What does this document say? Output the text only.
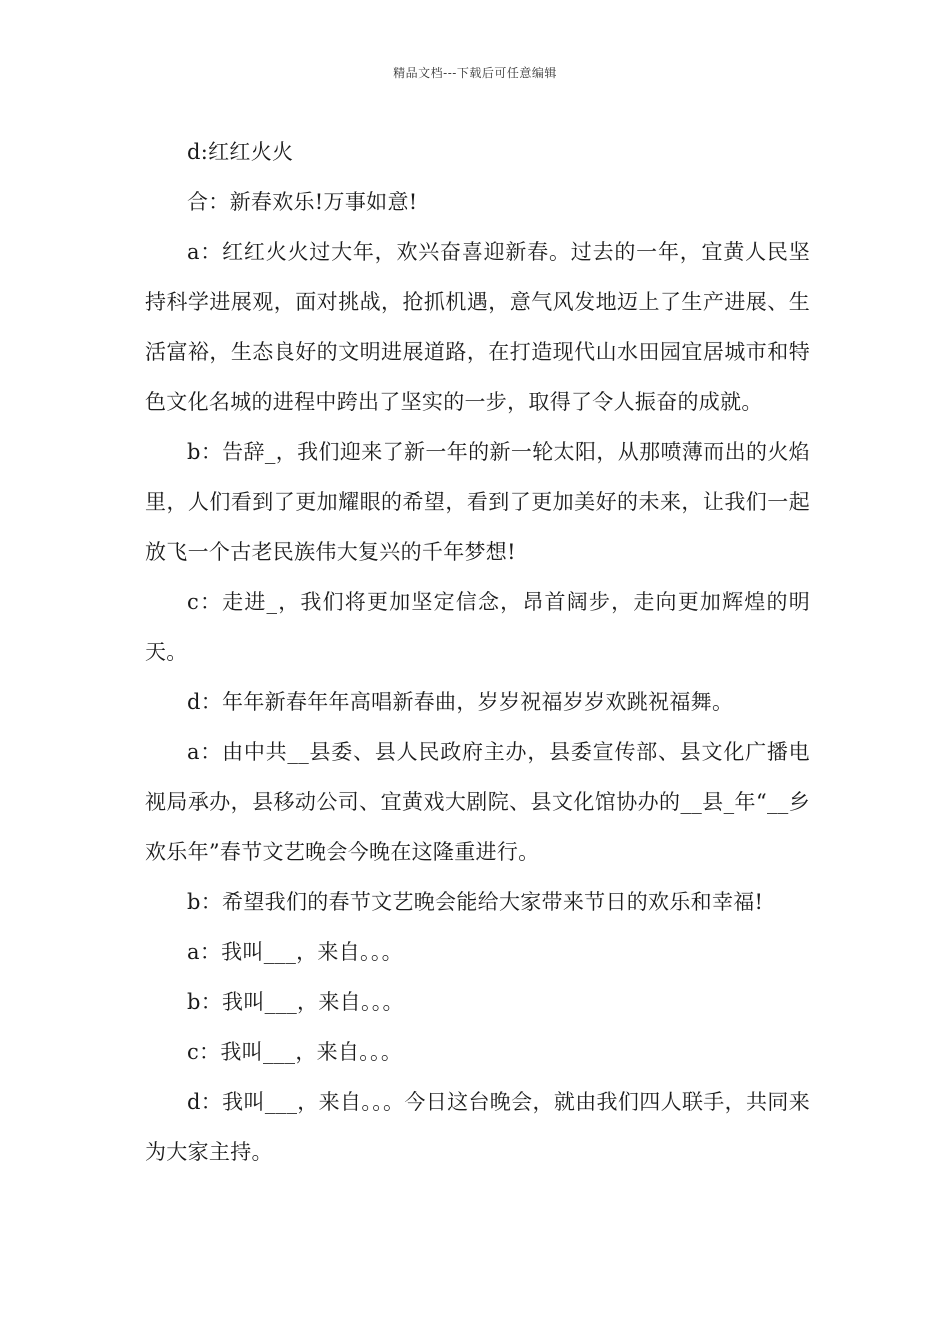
精品文档---下载后可任意编辑

d:红红火火

合：新春欢乐!万事如意!

a：红红火火过大年，欢兴奋喜迎新春。过去的一年，宜黄人民坚持科学进展观，面对挑战，抢抓机遇，意气风发地迈上了生产进展、生活富裕，生态良好的文明进展道路，在打造现代山水田园宜居城市和特色文化名城的进程中跨出了坚实的一步，取得了令人振奋的成就。

b：告辞_，我们迎来了新一年的新一轮太阳，从那喷薄而出的火焰里，人们看到了更加耀眼的希望，看到了更加美好的未来，让我们一起放飞一个古老民族伟大复兴的千年梦想!

c：走进_，我们将更加坚定信念，昂首阔步，走向更加辉煌的明天。

d：年年新春年年高唱新春曲，岁岁祝福岁岁欢跳祝福舞。

a：由中共__县委、县人民政府主办，县委宣传部、县文化广播电视局承办，县移动公司、宜黄戏大剧院、县文化馆协办的__县_年“__乡欢乐年”春节文艺晚会今晚在这隆重进行。

b：希望我们的春节文艺晚会能给大家带来节日的欢乐和幸福!

a：我叫___，来自。。。

b：我叫___，来自。。。

c：我叫___，来自。。。

d：我叫___，来自。。。今日这台晚会，就由我们四人联手，共同来为大家主持。
